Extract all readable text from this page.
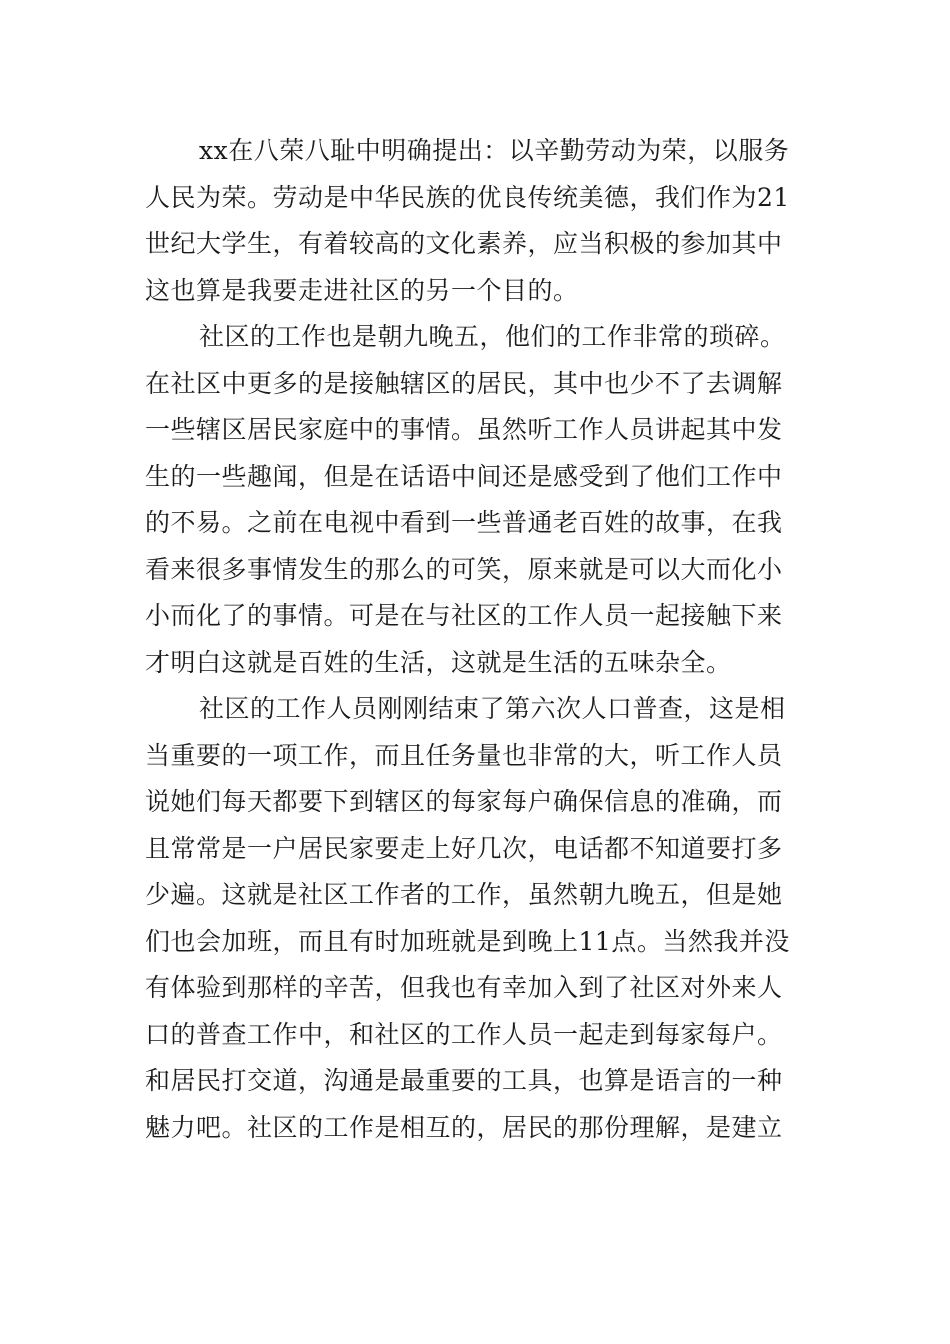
xx在八荣八耻中明确提出：以辛勤劳动为荣，以服务
人民为荣。劳动是中华民族的优良传统美德，我们作为21
世纪大学生，有着较高的文化素养，应当积极的参加其中
这也算是我要走进社区的另一个目的。
社区的工作也是朝九晚五，他们的工作非常的琐碎。
在社区中更多的是接触辖区的居民，其中也少不了去调解
一些辖区居民家庭中的事情。虽然听工作人员讲起其中发
生的一些趣闻，但是在话语中间还是感受到了他们工作中
的不易。之前在电视中看到一些普通老百姓的故事，在我
看来很多事情发生的那么的可笑，原来就是可以大而化小
小而化了的事情。可是在与社区的工作人员一起接触下来
才明白这就是百姓的生活，这就是生活的五味杂全。
社区的工作人员刚刚结束了第六次人口普查，这是相
当重要的一项工作，而且任务量也非常的大，听工作人员
说她们每天都要下到辖区的每家每户确保信息的准确，而
且常常是一户居民家要走上好几次，电话都不知道要打多
少遍。这就是社区工作者的工作，虽然朝九晚五，但是她
们也会加班，而且有时加班就是到晚上11点。当然我并没
有体验到那样的辛苦，但我也有幸加入到了社区对外来人
口的普查工作中，和社区的工作人员一起走到每家每户。
和居民打交道，沟通是最重要的工具，也算是语言的一种
魅力吧。社区的工作是相互的，居民的那份理解，是建立
